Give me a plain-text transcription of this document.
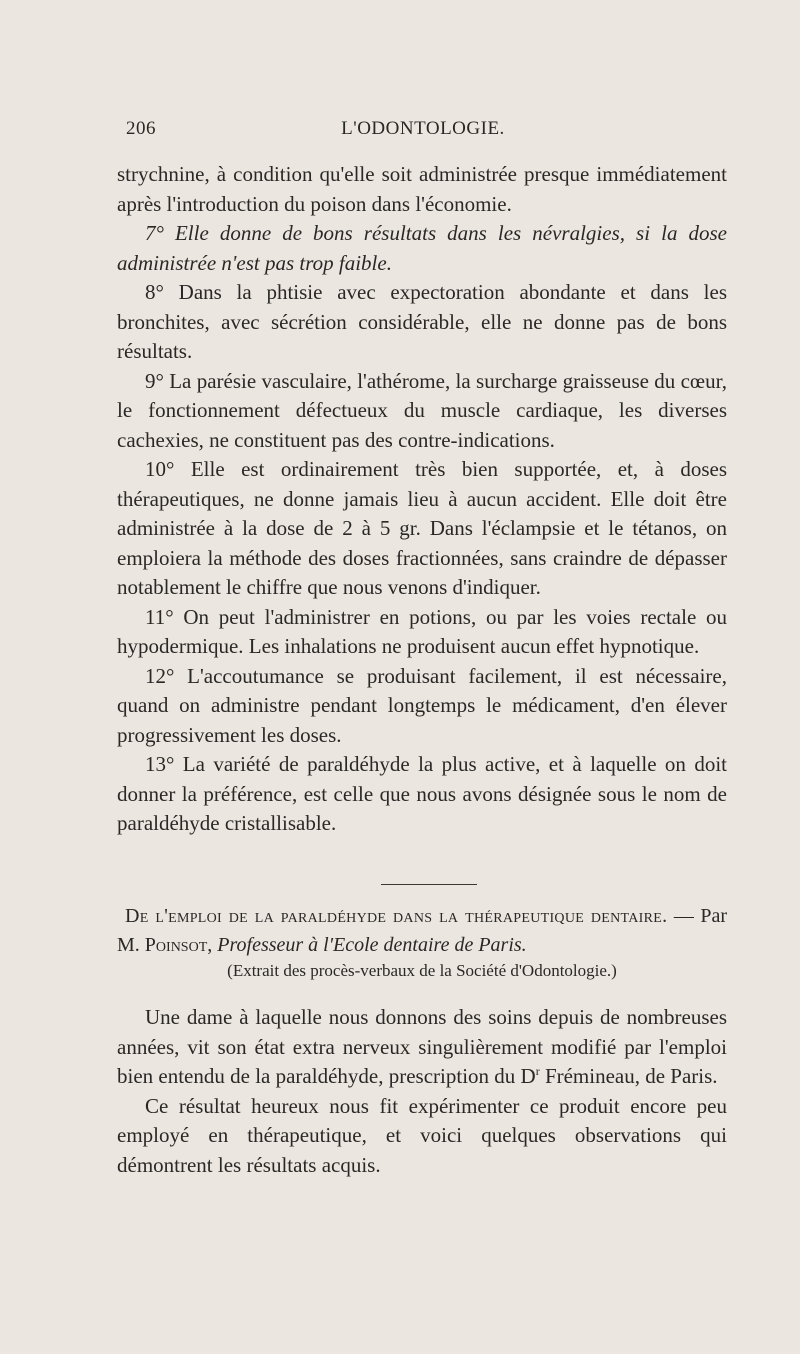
206	L'ODONTOLOGIE.

strychnine, à condition qu'elle soit administrée presque immédiatement après l'introduction du poison dans l'économie.

7° Elle donne de bons résultats dans les névralgies, si la dose administrée n'est pas trop faible.

8° Dans la phtisie avec expectoration abondante et dans les bronchites, avec sécrétion considérable, elle ne donne pas de bons résultats.

9° La parésie vasculaire, l'athérome, la surcharge graisseuse du cœur, le fonctionnement défectueux du muscle cardiaque, les diverses cachexies, ne constituent pas des contre-indications.

10° Elle est ordinairement très bien supportée, et, à doses thérapeutiques, ne donne jamais lieu à aucun accident. Elle doit être administrée à la dose de 2 à 5 gr. Dans l'éclampsie et le tétanos, on emploiera la méthode des doses fractionnées, sans craindre de dépasser notablement le chiffre que nous venons d'indiquer.

11° On peut l'administrer en potions, ou par les voies rectale ou hypodermique. Les inhalations ne produisent aucun effet hypnotique.

12° L'accoutumance se produisant facilement, il est nécessaire, quand on administre pendant longtemps le médicament, d'en élever progressivement les doses.

13° La variété de paraldéhyde la plus active, et à laquelle on doit donner la préférence, est celle que nous avons désignée sous le nom de paraldéhyde cristallisable.

De l'emploi de la paraldéhyde dans la thérapeutique dentaire. — Par M. Poinsot, Professeur à l'Ecole dentaire de Paris.
(Extrait des procès-verbaux de la Société d'Odontologie.)

Une dame à laquelle nous donnons des soins depuis de nombreuses années, vit son état extra nerveux singulièrement modifié par l'emploi bien entendu de la paraldéhyde, prescription du $D^r$ Frémineau, de Paris.

Ce résultat heureux nous fit expérimenter ce produit encore peu employé en thérapeutique, et voici quelques observations qui démontrent les résultats acquis.
